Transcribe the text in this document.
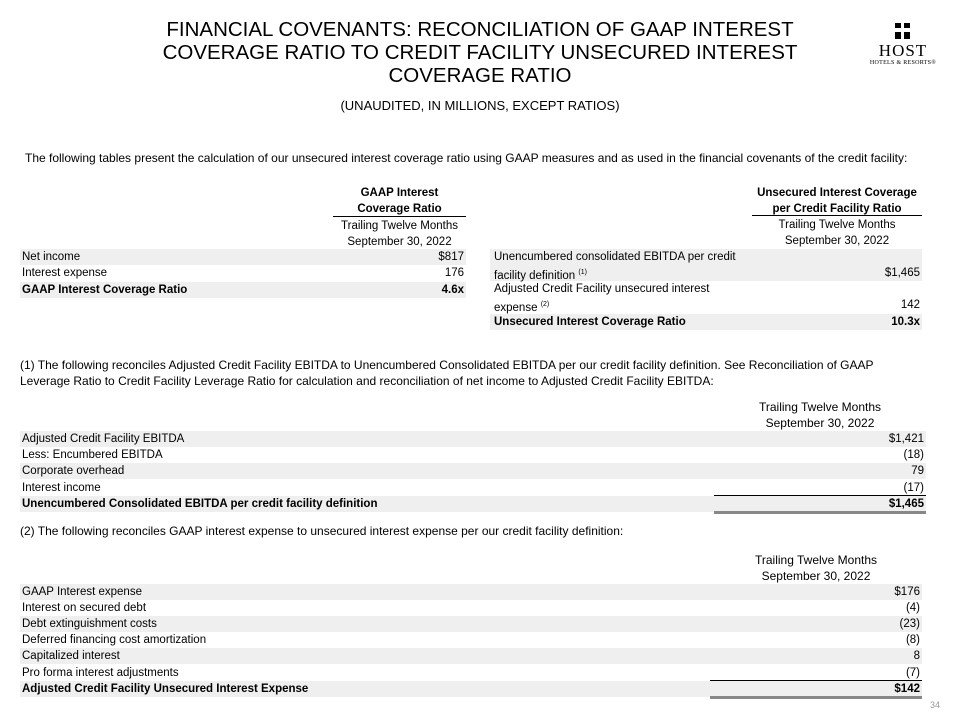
FINANCIAL COVENANTS: RECONCILIATION OF GAAP INTEREST COVERAGE RATIO TO CREDIT FACILITY UNSECURED INTEREST COVERAGE RATIO
(UNAUDITED, IN MILLIONS, EXCEPT RATIOS)
HOST
HOTELS & RESORTS®
The following tables present the calculation of our unsecured interest coverage ratio using GAAP measures and as used in the financial covenants of the credit facility:
GAAP Interest
Coverage Ratio
Trailing Twelve Months
September 30, 2022
Net income	$817
Interest expense	176
GAAP Interest Coverage Ratio	4.6x
Unsecured Interest Coverage
per Credit Facility Ratio
Trailing Twelve Months
September 30, 2022
Unencumbered consolidated EBITDA per credit
facility definition $^{(1)}$	$1,465
Adjusted Credit Facility unsecured interest
expense $^{(2)}$	142
Unsecured Interest Coverage Ratio	10.3x
(1) The following reconciles Adjusted Credit Facility EBITDA to Unencumbered Consolidated EBITDA per our credit facility definition. See Reconciliation of GAAP Leverage Ratio to Credit Facility Leverage Ratio for calculation and reconciliation of net income to Adjusted Credit Facility EBITDA:
Trailing Twelve Months
September 30, 2022
Adjusted Credit Facility EBITDA	$1,421
Less: Encumbered EBITDA	(18)
Corporate overhead	79
Interest income	(17)
Unencumbered Consolidated EBITDA per credit facility definition	$1,465
(2) The following reconciles GAAP interest expense to unsecured interest expense per our credit facility definition:
Trailing Twelve Months
September 30, 2022
GAAP Interest expense	$176
Interest on secured debt	(4)
Debt extinguishment costs	(23)
Deferred financing cost amortization	(8)
Capitalized interest	8
Pro forma interest adjustments	(7)
Adjusted Credit Facility Unsecured Interest Expense	$142
34
